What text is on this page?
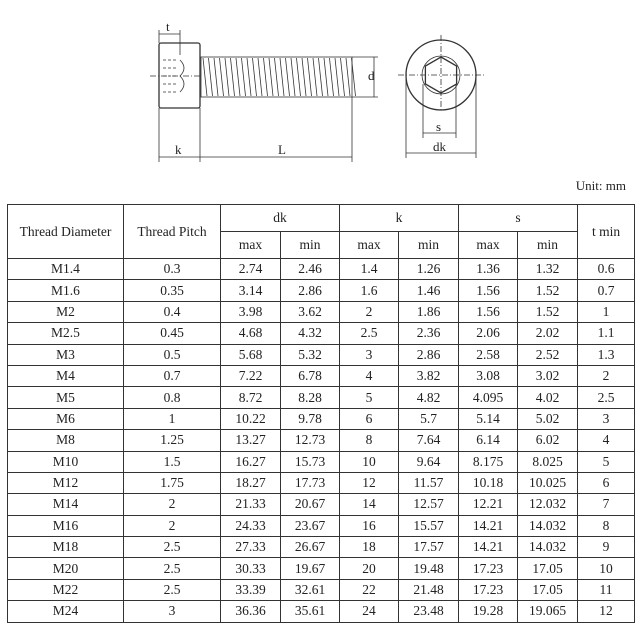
t
k	L
d
s
dk
Unit: mm
Thread Diameter	Thread Pitch	dk		k		s		t min
		max	min	max	min	max	min	
M1.4	0.3	2.74	2.46	1.4	1.26	1.36	1.32	0.6
M1.6	0.35	3.14	2.86	1.6	1.46	1.56	1.52	0.7
M2	0.4	3.98	3.62	2	1.86	1.56	1.52	1
M2.5	0.45	4.68	4.32	2.5	2.36	2.06	2.02	1.1
M3	0.5	5.68	5.32	3	2.86	2.58	2.52	1.3
M4	0.7	7.22	6.78	4	3.82	3.08	3.02	2
M5	0.8	8.72	8.28	5	4.82	4.095	4.02	2.5
M6	1	10.22	9.78	6	5.7	5.14	5.02	3
M8	1.25	13.27	12.73	8	7.64	6.14	6.02	4
M10	1.5	16.27	15.73	10	9.64	8.175	8.025	5
M12	1.75	18.27	17.73	12	11.57	10.18	10.025	6
M14	2	21.33	20.67	14	12.57	12.21	12.032	7
M16	2	24.33	23.67	16	15.57	14.21	14.032	8
M18	2.5	27.33	26.67	18	17.57	14.21	14.032	9
M20	2.5	30.33	19.67	20	19.48	17.23	17.05	10
M22	2.5	33.39	32.61	22	21.48	17.23	17.05	11
M24	3	36.36	35.61	24	23.48	19.28	19.065	12
